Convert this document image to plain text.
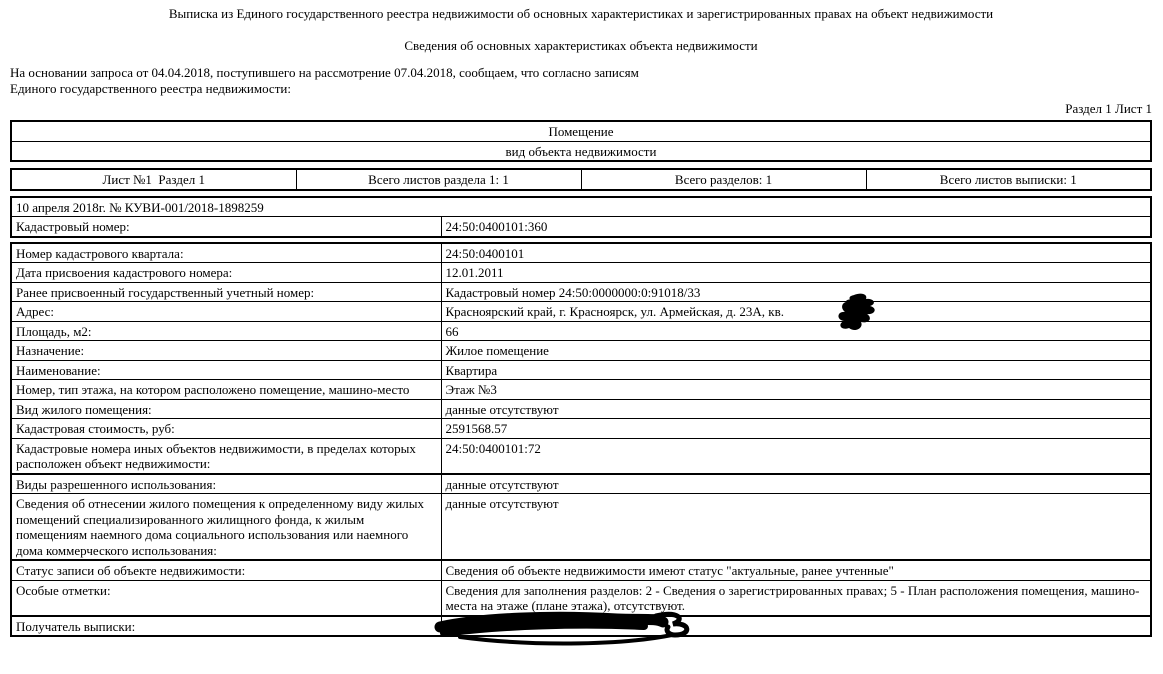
Выписка из Единого государственного реестра недвижимости об основных характеристиках и зарегистрированных правах на объект недвижимости
Сведения об основных характеристиках объекта недвижимости
На основании запроса от 04.04.2018, поступившего на рассмотрение 07.04.2018, сообщаем, что согласно записям
Единого государственного реестра недвижимости:
Раздел 1 Лист 1
Помещение
вид объекта недвижимости
Лист №1  Раздел 1	Всего листов раздела 1: 1	Всего разделов: 1	Всего листов выписки: 1
10 апреля 2018г. № КУВИ-001/2018-1898259
Кадастровый номер:	24:50:0400101:360
Номер кадастрового квартала:	24:50:0400101
Дата присвоения кадастрового номера:	12.01.2011
Ранее присвоенный государственный учетный номер:	Кадастровый номер 24:50:0000000:0:91018/33
Адрес:	Красноярский край, г. Красноярск, ул. Армейская, д. 23А, кв.

Площадь, м2:	66
Назначение:	Жилое помещение
Наименование:	Квартира
Номер, тип этажа, на котором расположено помещение, машино-место	Этаж №3
Вид жилого помещения:	данные отсутствуют
Кадастровая стоимость, руб:	2591568.57
Кадастровые номера иных объектов недвижимости, в пределах которых расположен объект недвижимости:	24:50:0400101:72
Виды разрешенного использования:	данные отсутствуют
Сведения об отнесении жилого помещения к определенному виду жилых помещений специализированного жилищного фонда, к жилым помещениям наемного дома социального использования или наемного дома коммерческого использования:	данные отсутствуют
Статус записи об объекте недвижимости:	Сведения об объекте недвижимости имеют статус "актуальные, ранее учтенные"
Особые отметки:	Сведения для заполнения разделов: 2 - Сведения о зарегистрированных правах; 5 - План расположения помещения, машино-места на этаже (плане этажа), отсутствуют.
Получатель выписки:	
